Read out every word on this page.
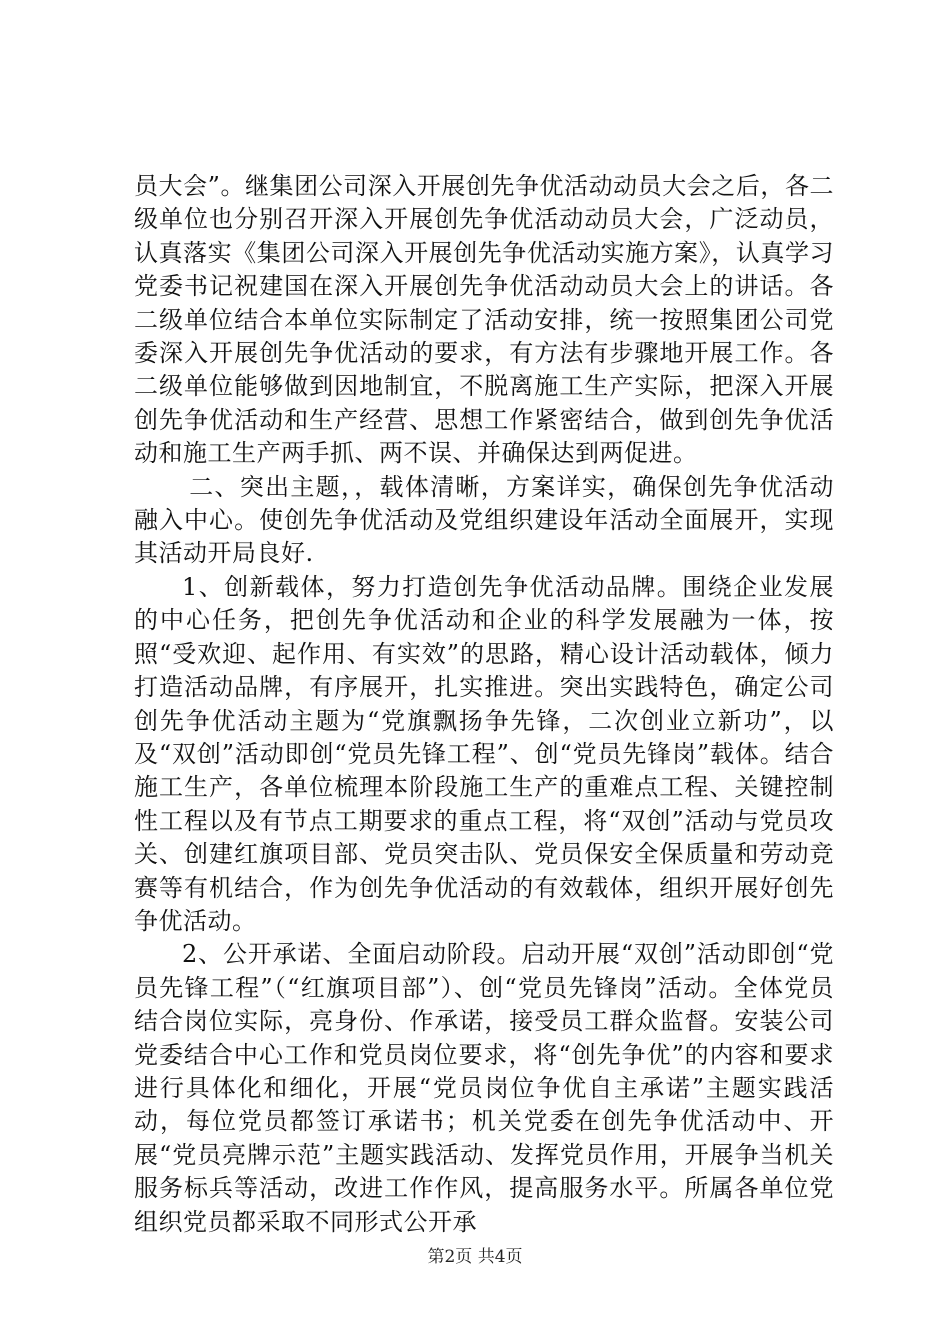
员大会”。继集团公司深入开展创先争优活动动员大会之后，各二级单位也分别召开深入开展创先争优活动动员大会，广泛动员，认真落实《集团公司深入开展创先争优活动实施方案》，认真学习党委书记祝建国在深入开展创先争优活动动员大会上的讲话。各二级单位结合本单位实际制定了活动安排，统一按照集团公司党委深入开展创先争优活动的要求，有方法有步骤地开展工作。各二级单位能够做到因地制宜，不脱离施工生产实际，把深入开展创先争优活动和生产经营、思想工作紧密结合，做到创先争优活动和施工生产两手抓、两不误、并确保达到两促进。

二、突出主题，，载体清晰，方案详实，确保创先争优活动融入中心。使创先争优活动及党组织建设年活动全面展开，实现其活动开局良好.

1、创新载体，努力打造创先争优活动品牌。围绕企业发展的中心任务，把创先争优活动和企业的科学发展融为一体，按照“受欢迎、起作用、有实效”的思路，精心设计活动载体，倾力打造活动品牌，有序展开，扎实推进。突出实践特色，确定公司创先争优活动主题为“党旗飘扬争先锋，二次创业立新功”，以及“双创”活动即创“党员先锋工程”、创“党员先锋岗”载体。结合施工生产，各单位梳理本阶段施工生产的重难点工程、关键控制性工程以及有节点工期要求的重点工程，将“双创”活动与党员攻关、创建红旗项目部、党员突击队、党员保安全保质量和劳动竞赛等有机结合，作为创先争优活动的有效载体，组织开展好创先争优活动。

2、公开承诺、全面启动阶段。启动开展“双创”活动即创“党员先锋工程”（“红旗项目部”）、创“党员先锋岗”活动。全体党员结合岗位实际，亮身份、作承诺，接受员工群众监督。安装公司党委结合中心工作和党员岗位要求，将“创先争优”的内容和要求进行具体化和细化，开展“党员岗位争优自主承诺”主题实践活动，每位党员都签订承诺书；机关党委在创先争优活动中、开展“党员亮牌示范”主题实践活动、发挥党员作用，开展争当机关服务标兵等活动，改进工作作风，提高服务水平。所属各单位党组织党员都采取不同形式公开承

第2页 共4页
